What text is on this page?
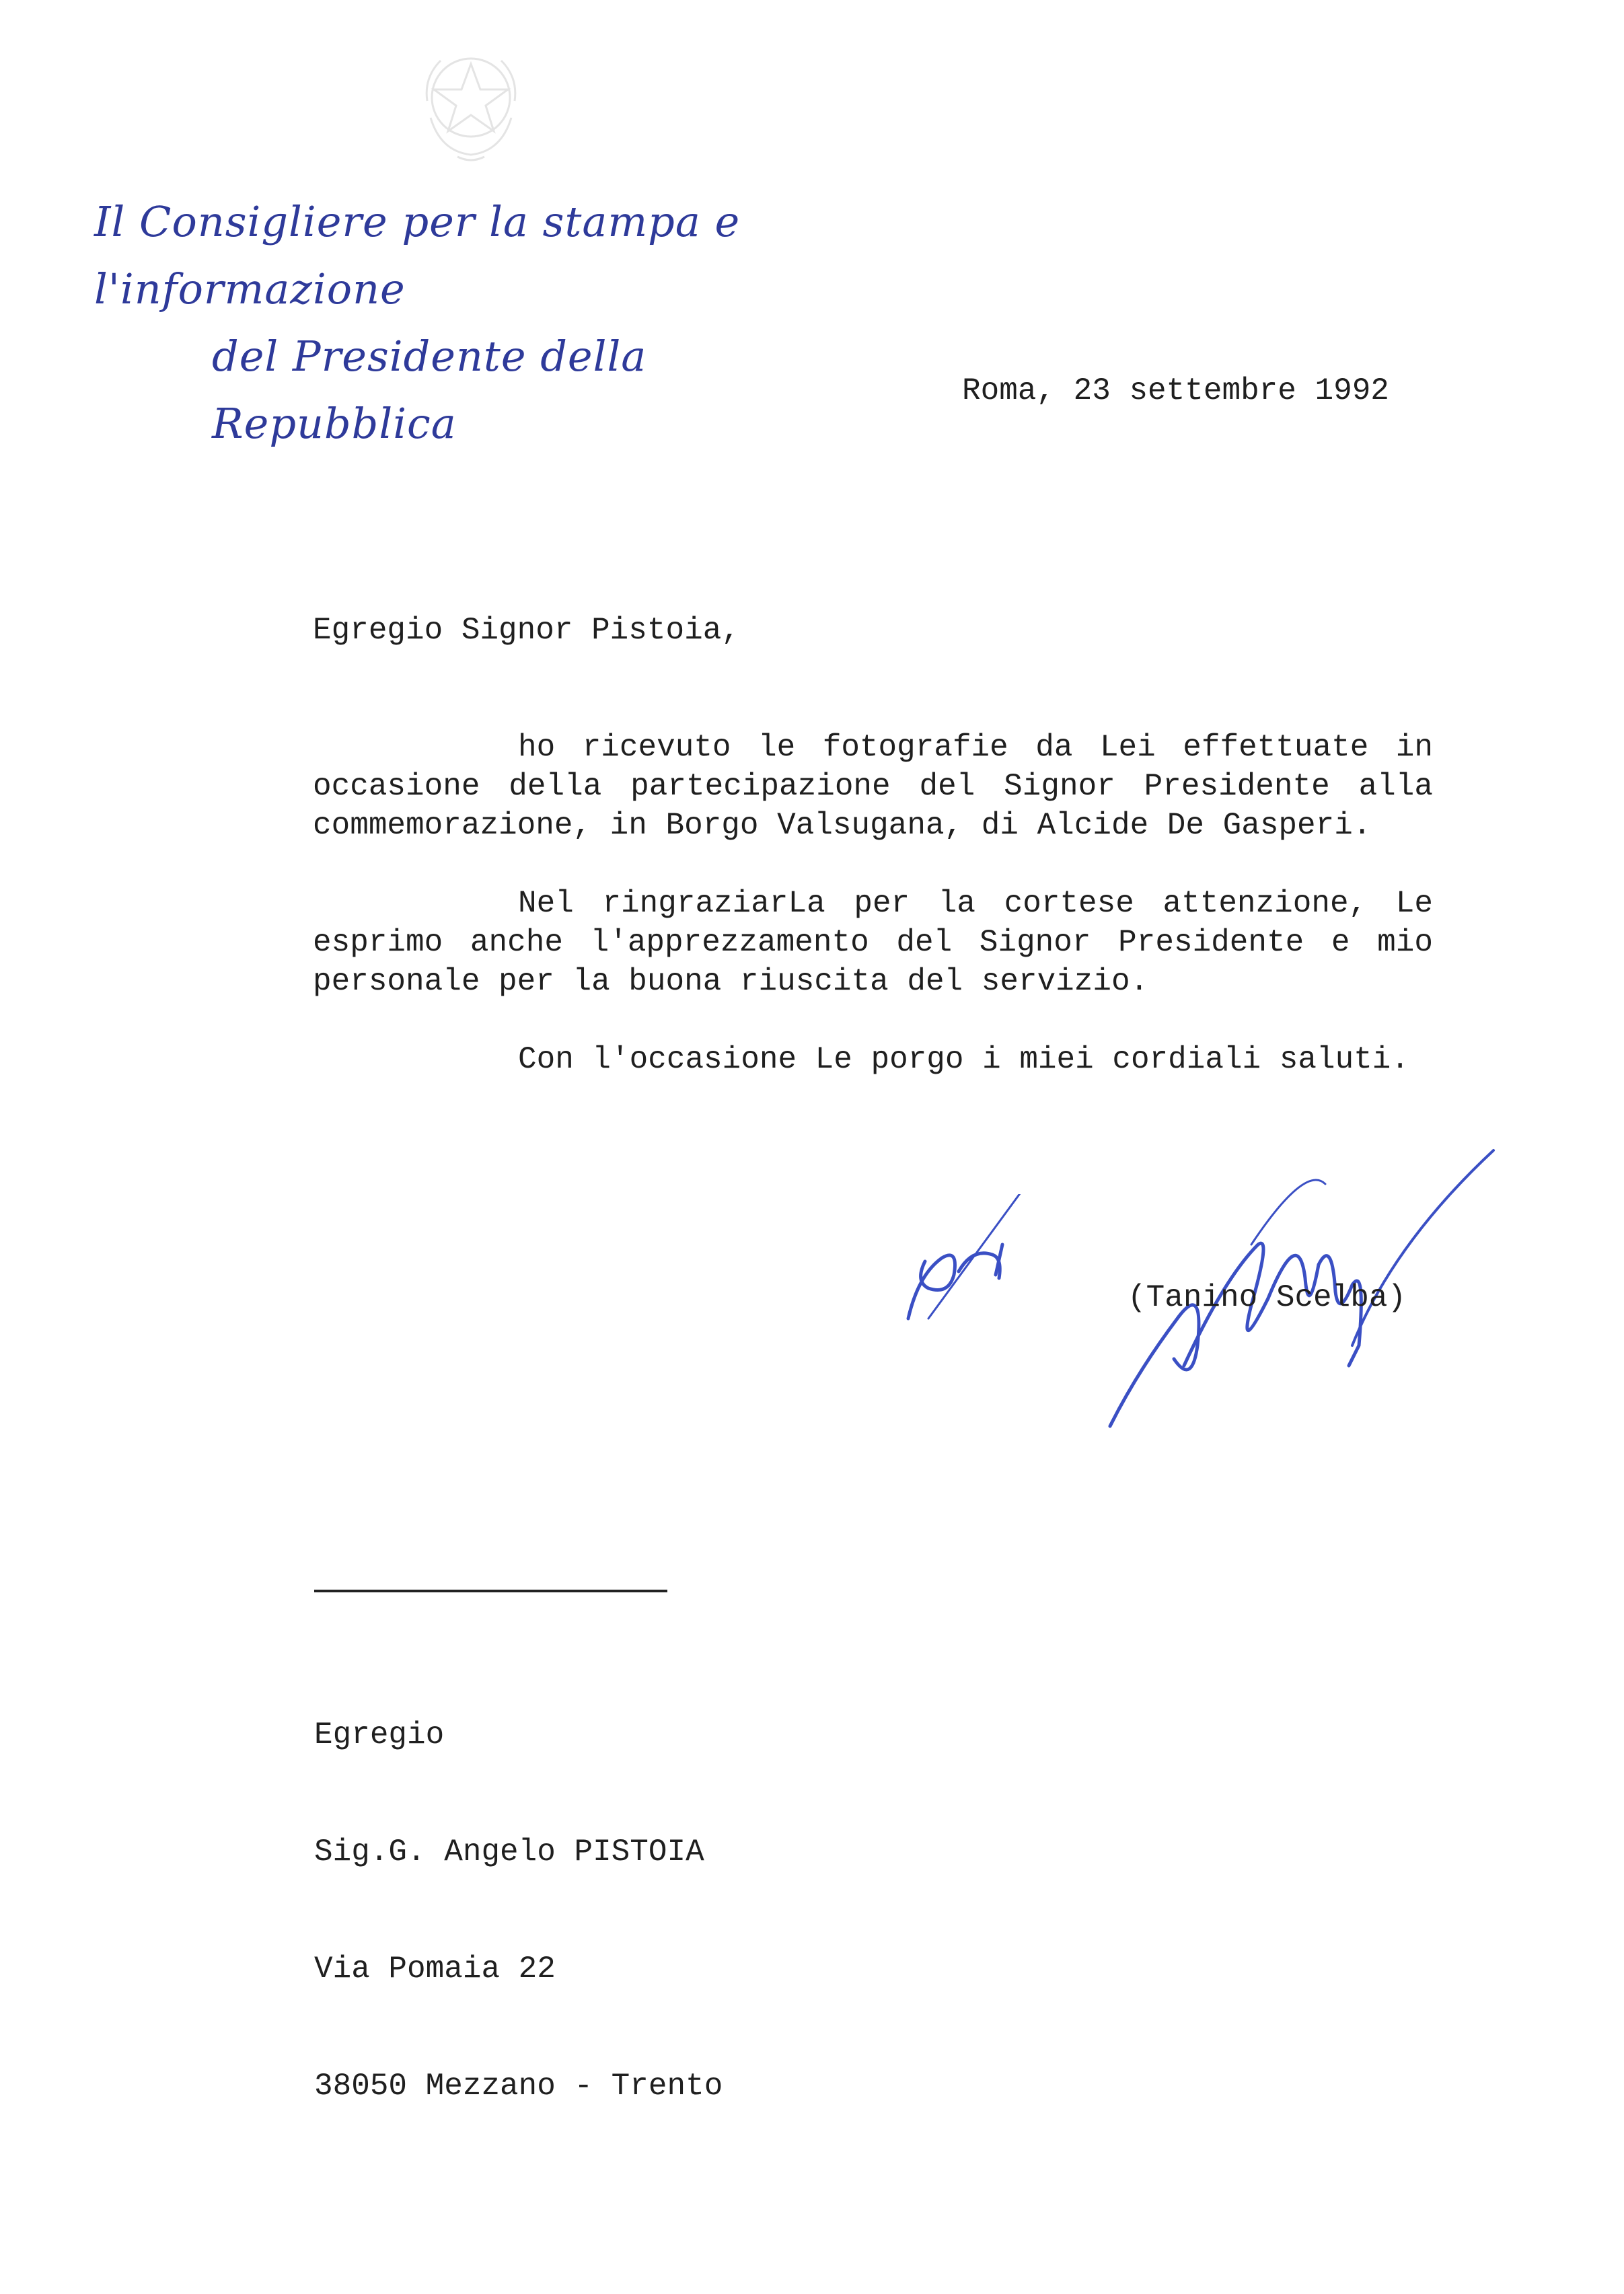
Il Consigliere per la stampa e l'informazione
del Presidente della Repubblica
Roma, 23 settembre 1992
Egregio Signor Pistoia,

ho ricevuto le fotografie da Lei effettuate in occasione della partecipazione del Signor Presidente alla commemorazione, in Borgo Valsugana, di Alcide De Gasperi.

Nel ringraziarLa per la cortese attenzione, Le esprimo anche l'apprezzamento del Signor Presidente e mio personale per la buona riuscita del servizio.

Con l'occasione Le porgo i miei cordiali saluti.

(Tanino Scelba)

Egregio

Sig.G. Angelo PISTOIA

Via Pomaia 22

38050 Mezzano - Trento
